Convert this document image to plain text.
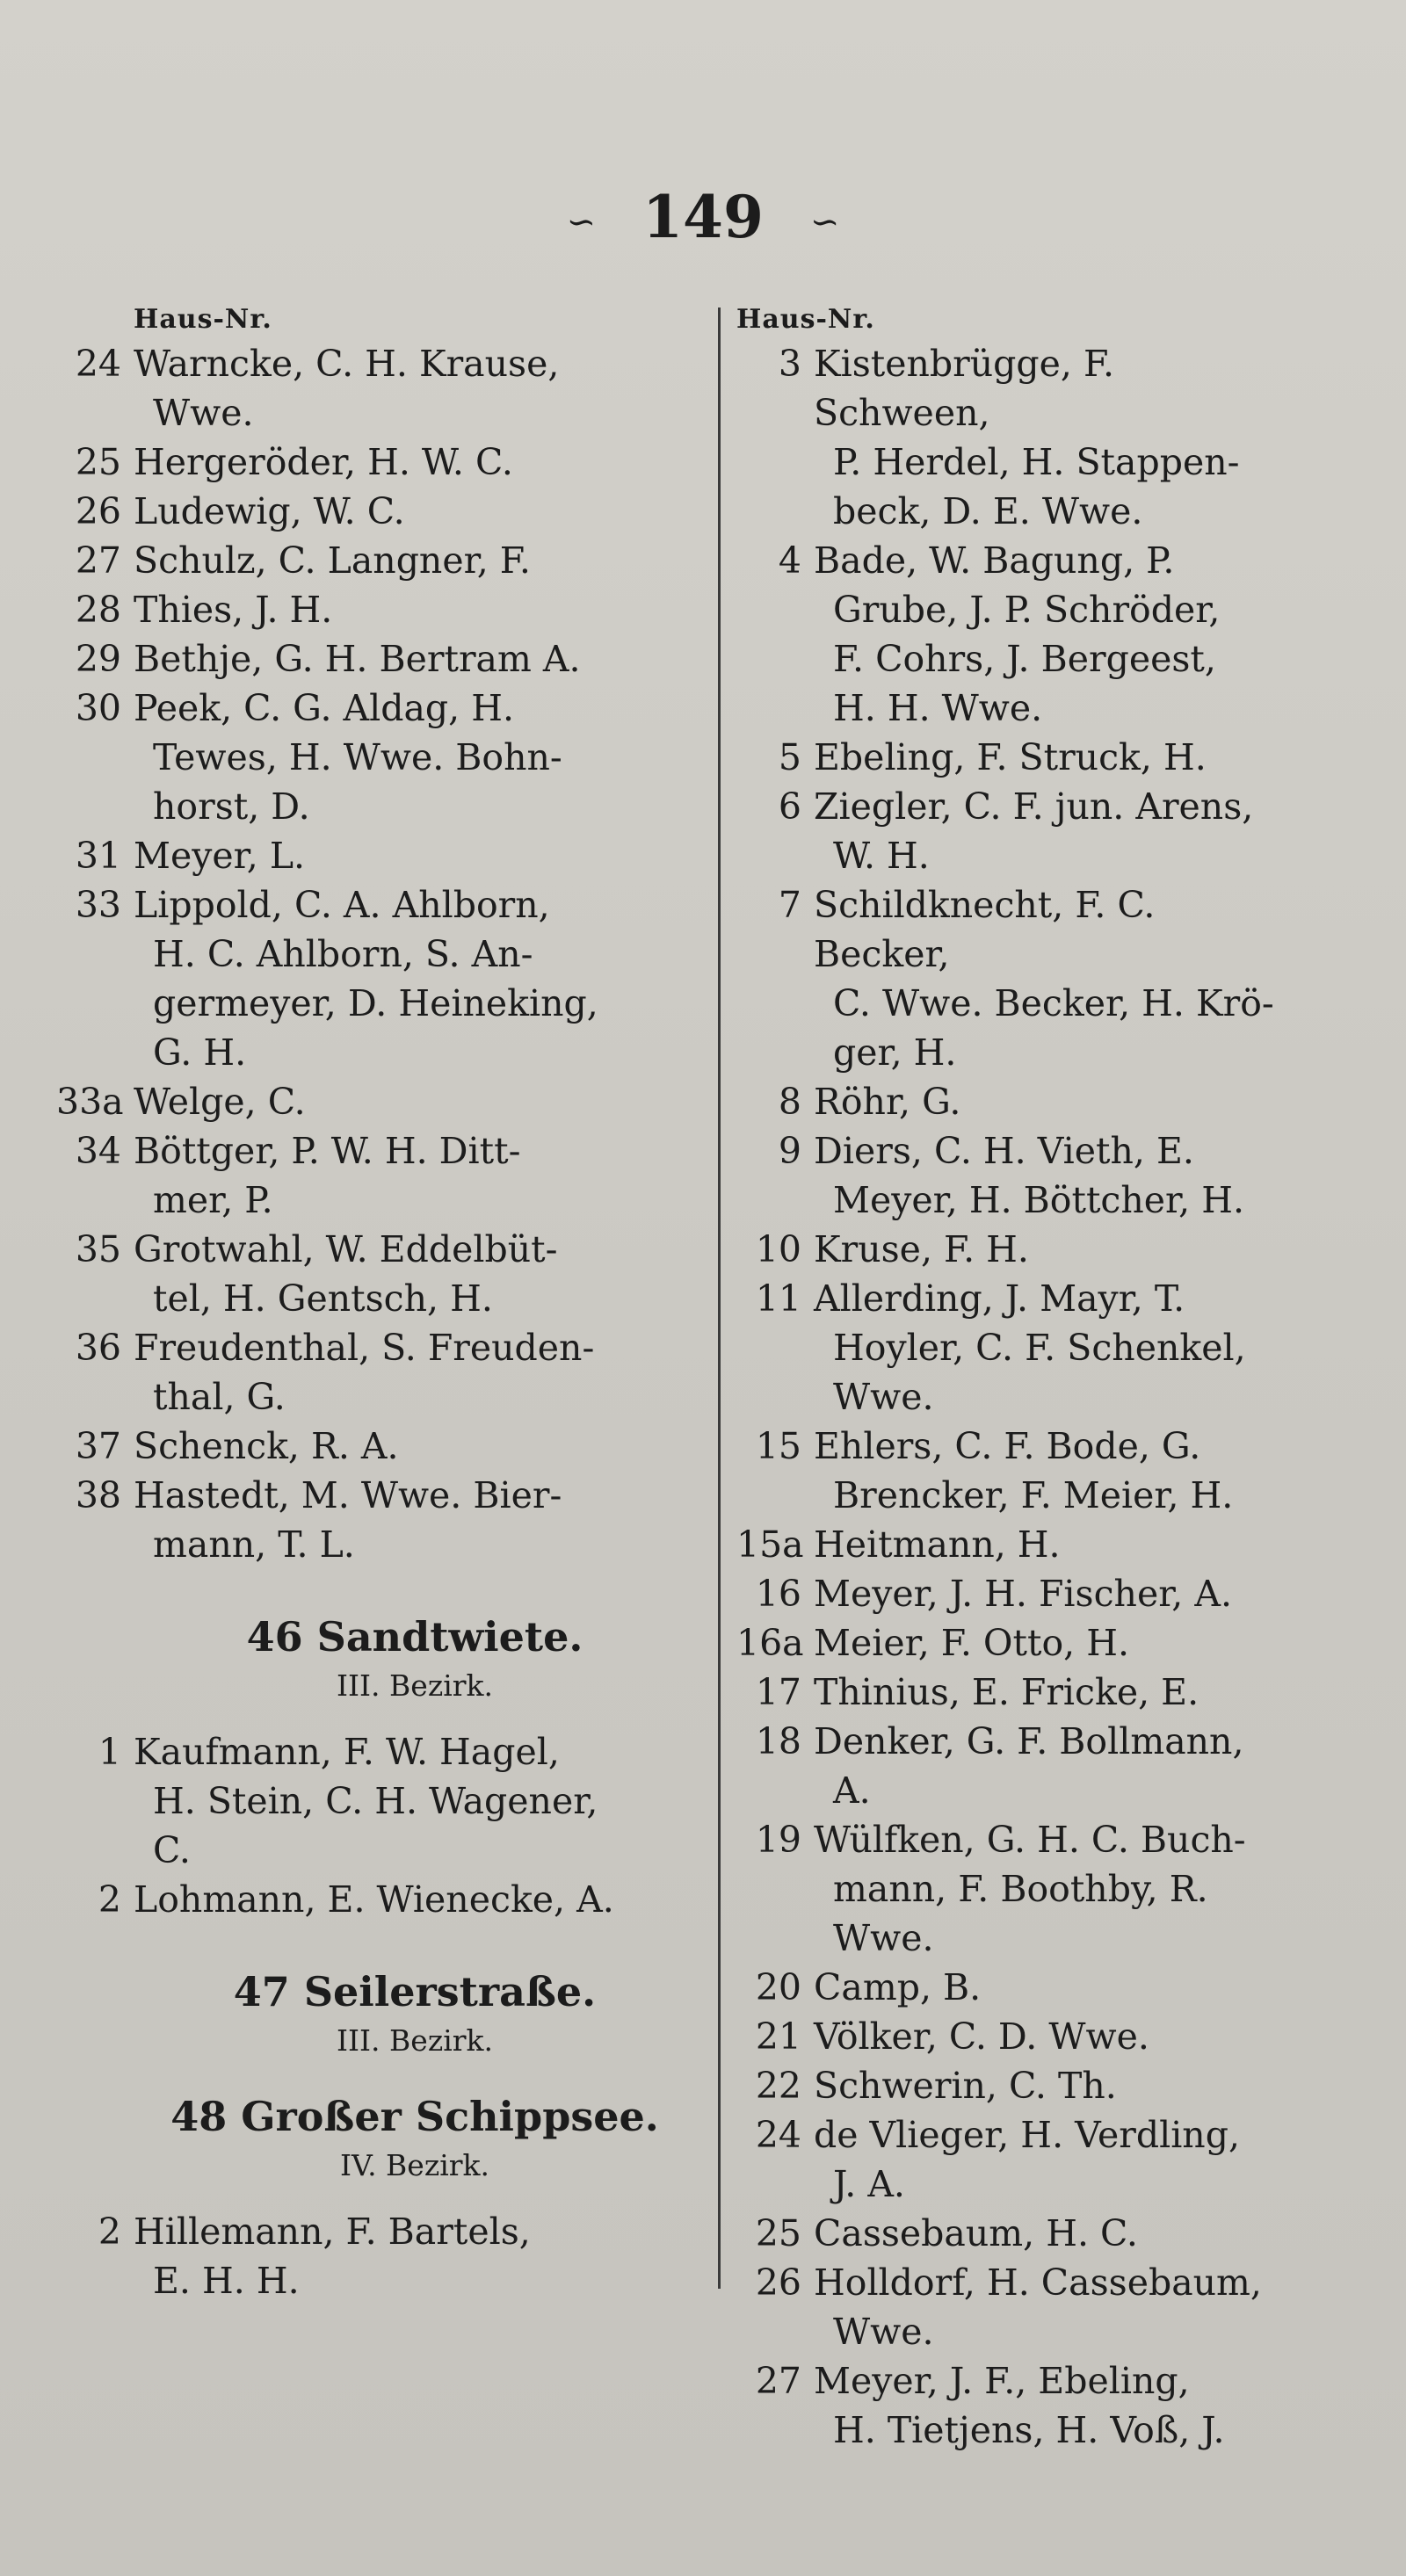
∽ 149 ∽
Haus-Nr.
24 Warncke, C. H. Krause,
Wwe.
25 Hergeröder, H. W. C.
26 Ludewig, W. C.
27 Schulz, C. Langner, F.
28 Thies, J. H.
29 Bethje, G. H. Bertram A.
30 Peek, C. G. Aldag, H.
Tewes, H. Wwe. Bohn-
horst, D.
31 Meyer, L.
33 Lippold, C. A. Ahlborn,
H. C. Ahlborn, S. An-
germeyer, D. Heineking,
G. H.
33a Welge, C.
34 Böttger, P. W. H. Ditt-
mer, P.
35 Grotwahl, W. Eddelbüt-
tel, H. Gentsch, H.
36 Freudenthal, S. Freuden-
thal, G.
37 Schenck, R. A.
38 Hastedt, M. Wwe. Bier-
mann, T. L.
46 Sandtwiete.
III. Bezirk.
1 Kaufmann, F. W. Hagel,
H. Stein, C. H. Wagener,
C.
2 Lohmann, E. Wienecke, A.
47 Seilerstraße.
III. Bezirk.
48 Großer Schippsee.
IV. Bezirk.
2 Hillemann, F. Bartels,
E. H. H.
Haus-Nr.
3 Kistenbrügge, F. Schween,
P. Herdel, H. Stappen-
beck, D. E. Wwe.
4 Bade, W. Bagung, P.
Grube, J. P. Schröder,
F. Cohrs, J. Bergeest,
H. H. Wwe.
5 Ebeling, F. Struck, H.
6 Ziegler, C. F. jun. Arens,
W. H.
7 Schildknecht, F. C. Becker,
C. Wwe. Becker, H. Krö-
ger, H.
8 Röhr, G.
9 Diers, C. H. Vieth, E.
Meyer, H. Böttcher, H.
10 Kruse, F. H.
11 Allerding, J. Mayr, T.
Hoyler, C. F. Schenkel,
Wwe.
15 Ehlers, C. F. Bode, G.
Brencker, F. Meier, H.
15a Heitmann, H.
16 Meyer, J. H. Fischer, A.
16a Meier, F. Otto, H.
17 Thinius, E. Fricke, E.
18 Denker, G. F. Bollmann,
A.
19 Wülfken, G. H. C. Buch-
mann, F. Boothby, R.
Wwe.
20 Camp, B.
21 Völker, C. D. Wwe.
22 Schwerin, C. Th.
24 de Vlieger, H. Verdling,
J. A.
25 Cassebaum, H. C.
26 Holldorf, H. Cassebaum,
Wwe.
27 Meyer, J. F., Ebeling,
H. Tietjens, H. Voß, J.
